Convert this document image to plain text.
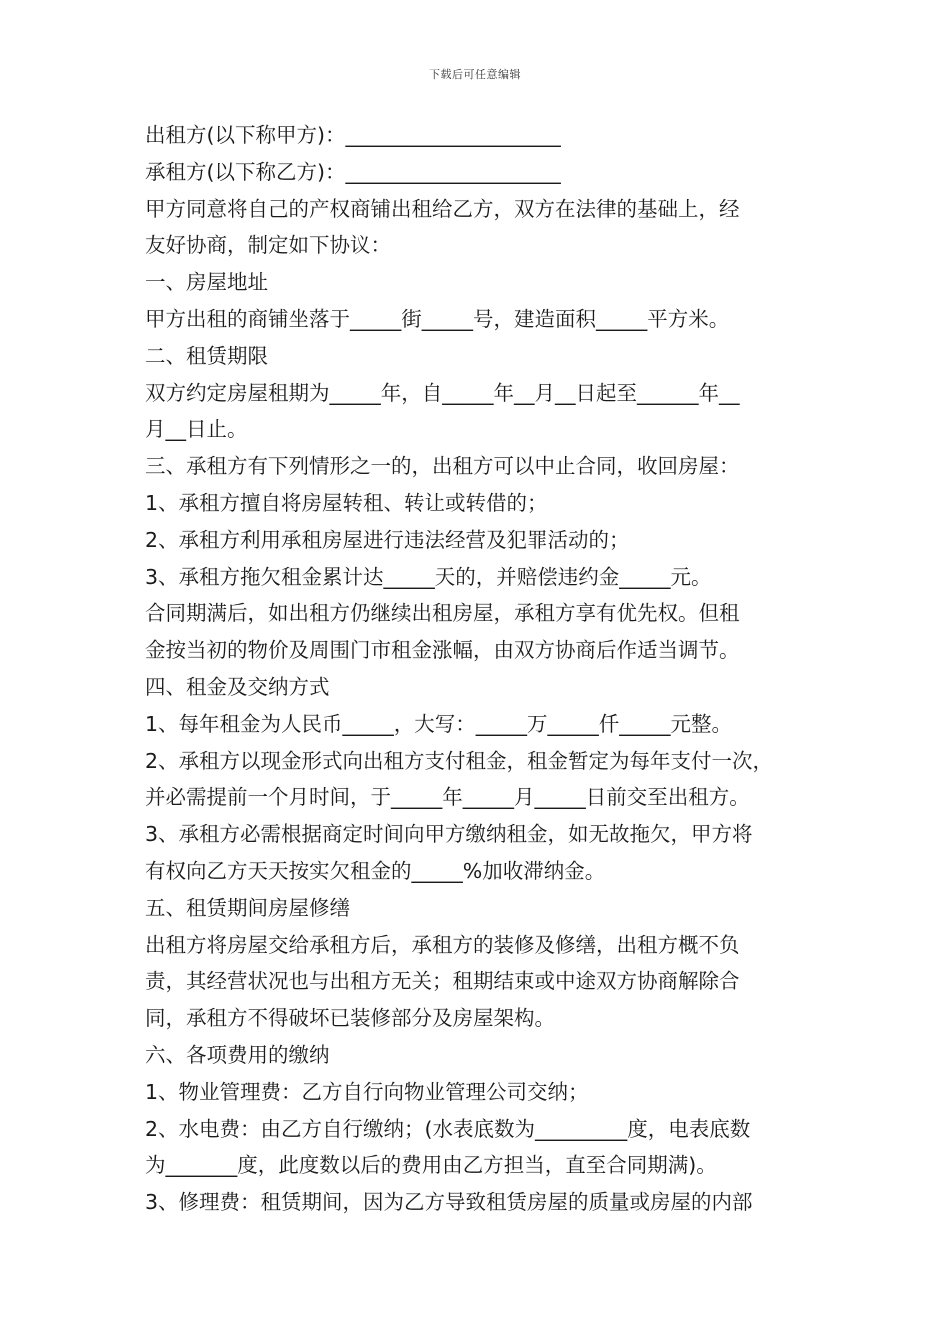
下载后可任意编辑
出租方(以下称甲方)：_____________________
承租方(以下称乙方)：_____________________
甲方同意将自己的产权商铺出租给乙方，双方在法律的基础上，经
友好协商，制定如下协议：
一、房屋地址
甲方出租的商铺坐落于_____街_____号，建造面积_____平方米。
二、租赁期限
双方约定房屋租期为_____年，自_____年__月__日起至______年__
月__日止。
三、承租方有下列情形之一的，出租方可以中止合同，收回房屋：
1、承租方擅自将房屋转租、转让或转借的；
2、承租方利用承租房屋进行违法经营及犯罪活动的；
3、承租方拖欠租金累计达_____天的，并赔偿违约金_____元。
合同期满后，如出租方仍继续出租房屋，承租方享有优先权。但租
金按当初的物价及周围门市租金涨幅，由双方协商后作适当调节。
四、租金及交纳方式
1、每年租金为人民币_____，大写：_____万_____仟_____元整。
2、承租方以现金形式向出租方支付租金，租金暂定为每年支付一次，
并必需提前一个月时间，于_____年_____月_____日前交至出租方。
3、承租方必需根据商定时间向甲方缴纳租金，如无故拖欠，甲方将
有权向乙方天天按实欠租金的_____%加收滞纳金。
五、租赁期间房屋修缮
出租方将房屋交给承租方后，承租方的装修及修缮，出租方概不负
责，其经营状况也与出租方无关；租期结束或中途双方协商解除合
同，承租方不得破坏已装修部分及房屋架构。
六、各项费用的缴纳
1、物业管理费：乙方自行向物业管理公司交纳；
2、水电费：由乙方自行缴纳；(水表底数为_________度，电表底数
为_______度，此度数以后的费用由乙方担当，直至合同期满)。
3、修理费：租赁期间，因为乙方导致租赁房屋的质量或房屋的内部
